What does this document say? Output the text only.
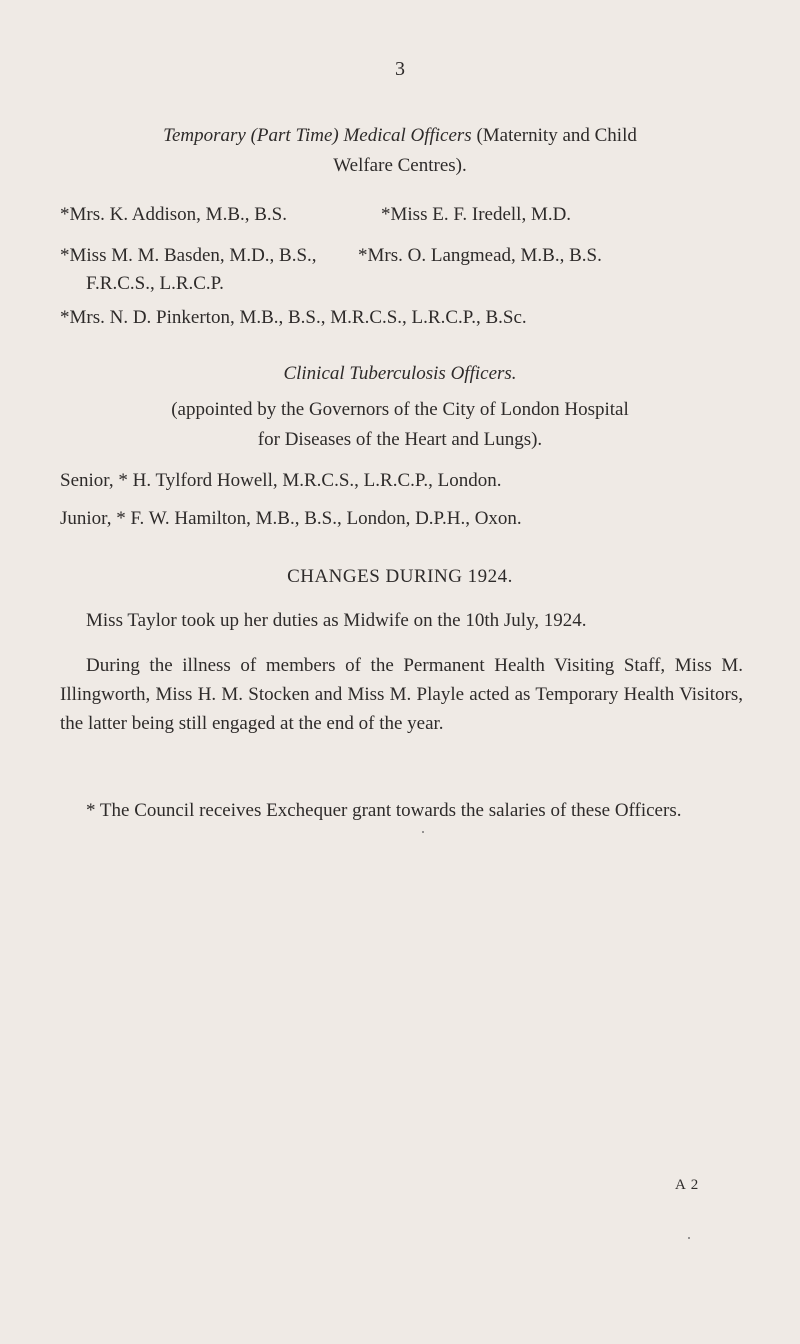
3
Temporary (Part Time) Medical Officers (Maternity and Child
Welfare Centres).
*Mrs. K. Addison, M.B., B.S.	*Miss E. F. Iredell, M.D.
*Miss M. M. Basden, M.D., B.S., *Mrs. O. Langmead, M.B., B.S.
F.R.C.S., L.R.C.P.
*Mrs. N. D. Pinkerton, M.B., B.S., M.R.C.S., L.R.C.P., B.Sc.
Clinical Tuberculosis Officers.
(appointed by the Governors of the City of London Hospital
for Diseases of the Heart and Lungs).
Senior, * H. Tylford Howell, M.R.C.S., L.R.C.P., London.
Junior, * F. W. Hamilton, M.B., B.S., London, D.P.H., Oxon.
CHANGES DURING 1924.
Miss Taylor took up her duties as Midwife on the 10th July, 1924.
During the illness of members of the Permanent Health Visiting Staff, Miss M. Illingworth, Miss H. M. Stocken and Miss M. Playle acted as Temporary Health Visitors, the latter being still engaged at the end of the year.
* The Council receives Exchequer grant towards the salaries of these Officers.
A 2
